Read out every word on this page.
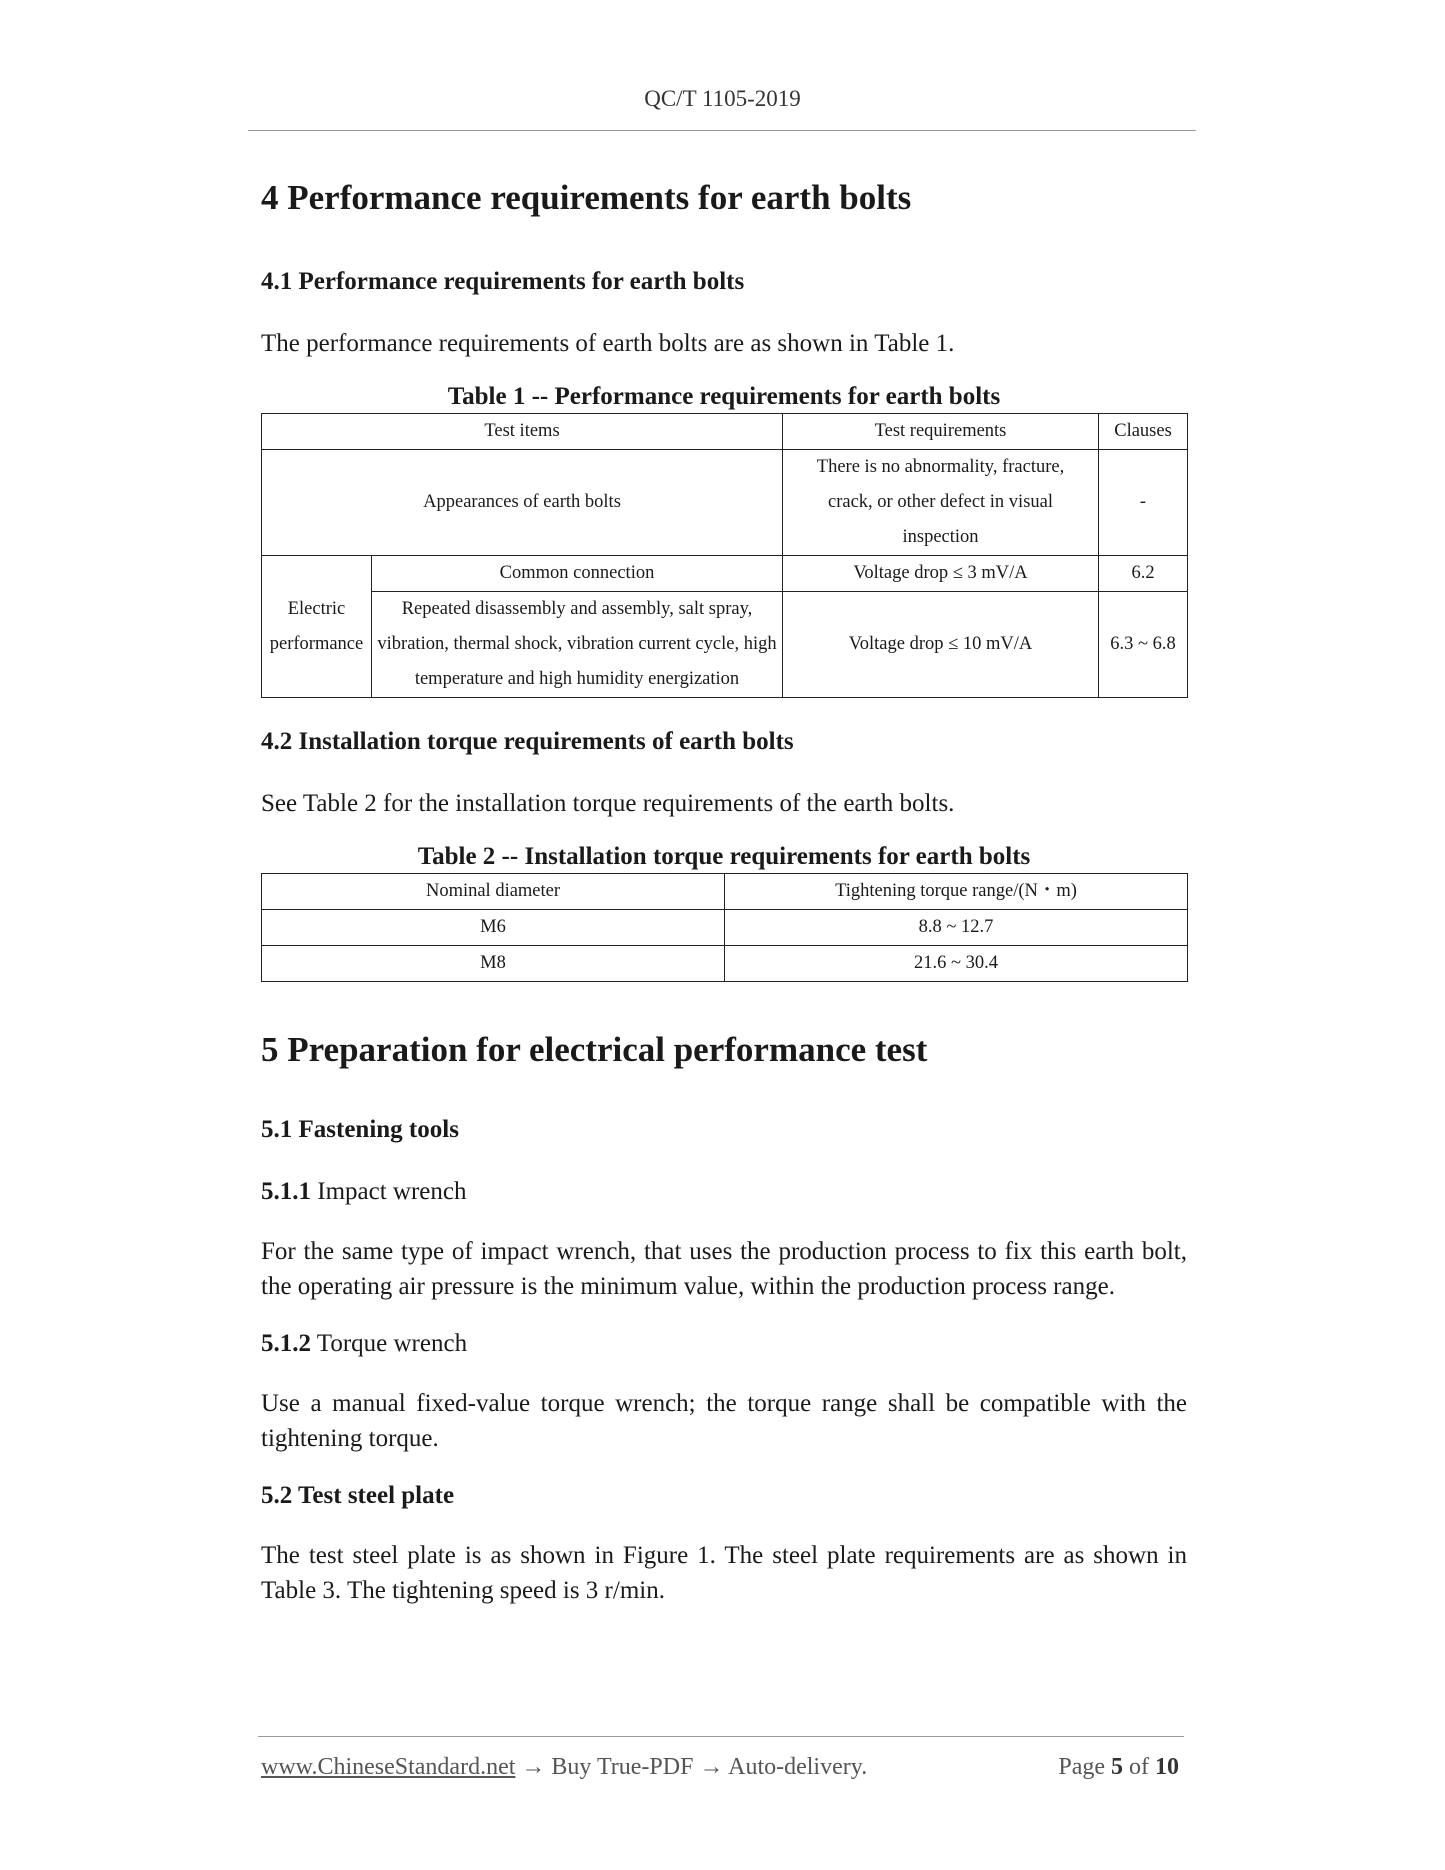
QC/T 1105-2019
4 Performance requirements for earth bolts
4.1 Performance requirements for earth bolts

The performance requirements of earth bolts are as shown in Table 1.

Table 1 -- Performance requirements for earth bolts
Test items		Test requirements	Clauses
Appearances of earth bolts		There is no abnormality, fracture, crack, or other defect in visual inspection	-
Electric performance	Common connection	Voltage drop ≤ 3 mV/A	6.2
	Repeated disassembly and assembly, salt spray, vibration, thermal shock, vibration current cycle, high temperature and high humidity energization	Voltage drop ≤ 10 mV/A	6.3 ~ 6.8
4.2 Installation torque requirements of earth bolts

See Table 2 for the installation torque requirements of the earth bolts.

Table 2 -- Installation torque requirements for earth bolts
Nominal diameter	Tightening torque range/(N・m)
M6	8.8 ~ 12.7
M8	21.6 ~ 30.4
5 Preparation for electrical performance test
5.1 Fastening tools
5.1.1 Impact wrench

For the same type of impact wrench, that uses the production process to fix this earth bolt, the operating air pressure is the minimum value, within the production process range.

5.1.2 Torque wrench

Use a manual fixed-value torque wrench; the torque range shall be compatible with the tightening torque.

5.2 Test steel plate

The test steel plate is as shown in Figure 1. The steel plate requirements are as shown in Table 3. The tightening speed is 3 r/min.

www.ChineseStandard.net → Buy True-PDF → Auto-delivery.	Page 5 of 10
